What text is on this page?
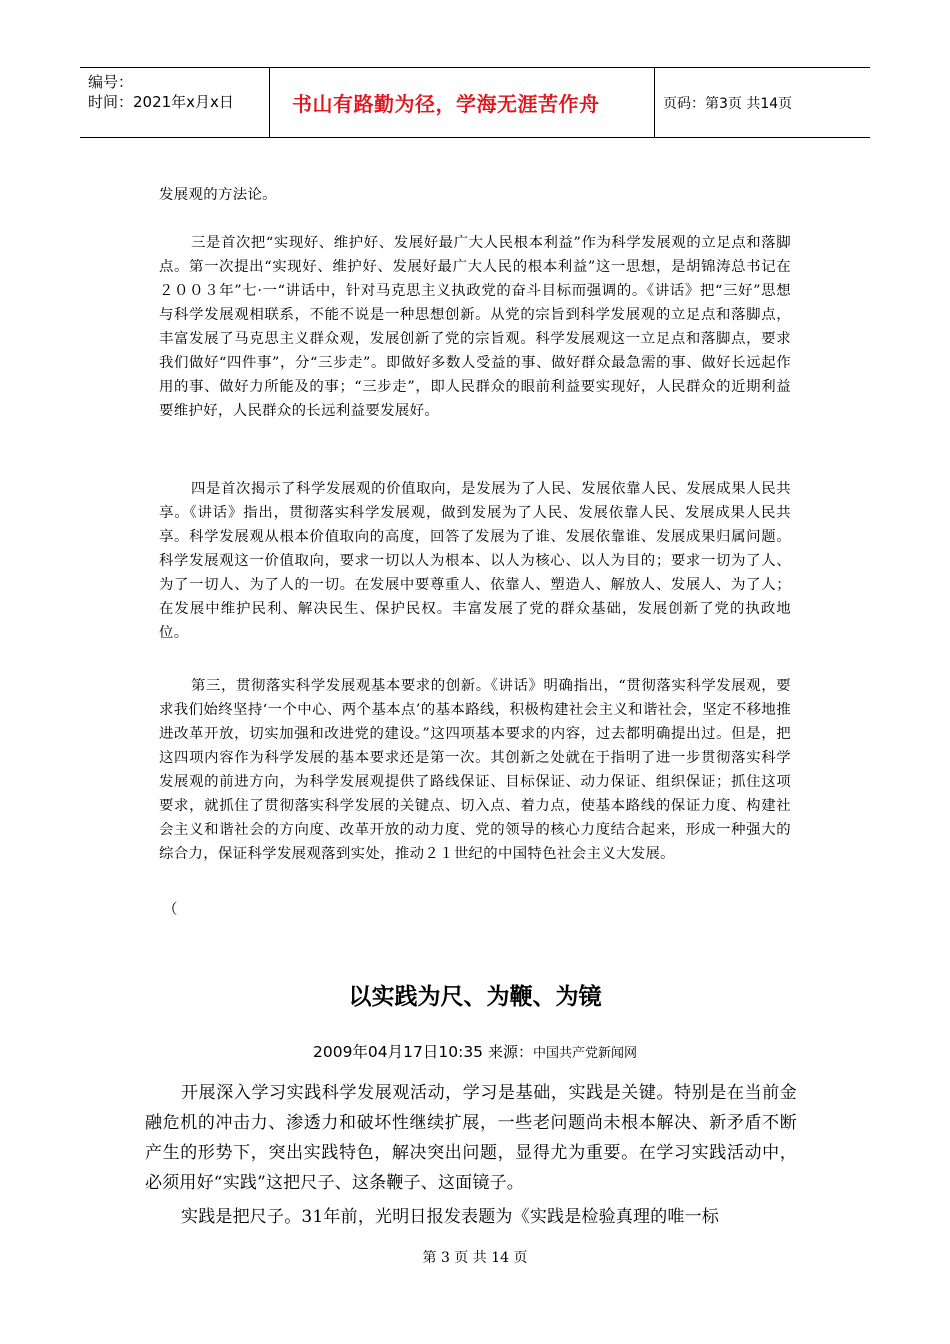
编号：
时间：2021年x月x日	书山有路勤为径，学海无涯苦作舟	页码：第3页 共14页

发展观的方法论。

三是首次把“实现好、维护好、发展好最广大人民根本利益”作为科学发展观的立足点和落脚点。第一次提出“实现好、维护好、发展好最广大人民的根本利益”这一思想，是胡锦涛总书记在２００３年”七·一“讲话中，针对马克思主义执政党的奋斗目标而强调的。《讲话》把“三好”思想与科学发展观相联系，不能不说是一种思想创新。从党的宗旨到科学发展观的立足点和落脚点，丰富发展了马克思主义群众观，发展创新了党的宗旨观。科学发展观这一立足点和落脚点，要求我们做好“四件事”，分“三步走”。即做好多数人受益的事、做好群众最急需的事、做好长远起作用的事、做好力所能及的事；“三步走”，即人民群众的眼前利益要实现好，人民群众的近期利益要维护好，人民群众的长远利益要发展好。

四是首次揭示了科学发展观的价值取向，是发展为了人民、发展依靠人民、发展成果人民共享。《讲话》指出，贯彻落实科学发展观，做到发展为了人民、发展依靠人民、发展成果人民共享。科学发展观从根本价值取向的高度，回答了发展为了谁、发展依靠谁、发展成果归属问题。科学发展观这一价值取向，要求一切以人为根本、以人为核心、以人为目的；要求一切为了人、为了一切人、为了人的一切。在发展中要尊重人、依靠人、塑造人、解放人、发展人、为了人；在发展中维护民利、解决民生、保护民权。丰富发展了党的群众基础，发展创新了党的执政地位。

第三，贯彻落实科学发展观基本要求的创新。《讲话》明确指出，“贯彻落实科学发展观，要求我们始终坚持‘一个中心、两个基本点’的基本路线，积极构建社会主义和谐社会，坚定不移地推进改革开放，切实加强和改进党的建设。”这四项基本要求的内容，过去都明确提出过。但是，把这四项内容作为科学发展的基本要求还是第一次。其创新之处就在于指明了进一步贯彻落实科学发展观的前进方向，为科学发展观提供了路线保证、目标保证、动力保证、组织保证；抓住这项要求，就抓住了贯彻落实科学发展的关键点、切入点、着力点，使基本路线的保证力度、构建社会主义和谐社会的方向度、改革开放的动力度、党的领导的核心力度结合起来，形成一种强大的综合力，保证科学发展观落到实处，推动２１世纪的中国特色社会主义大发展。

（

以实践为尺、为鞭、为镜
2009年04月17日10:35 来源：中国共产党新闻网

开展深入学习实践科学发展观活动，学习是基础，实践是关键。特别是在当前金融危机的冲击力、渗透力和破坏性继续扩展，一些老问题尚未根本解决、新矛盾不断产生的形势下，突出实践特色，解决突出问题，显得尤为重要。在学习实践活动中，必须用好“实践”这把尺子、这条鞭子、这面镜子。

实践是把尺子。31年前，光明日报发表题为《实践是检验真理的唯一标

第 3 页 共 14 页
